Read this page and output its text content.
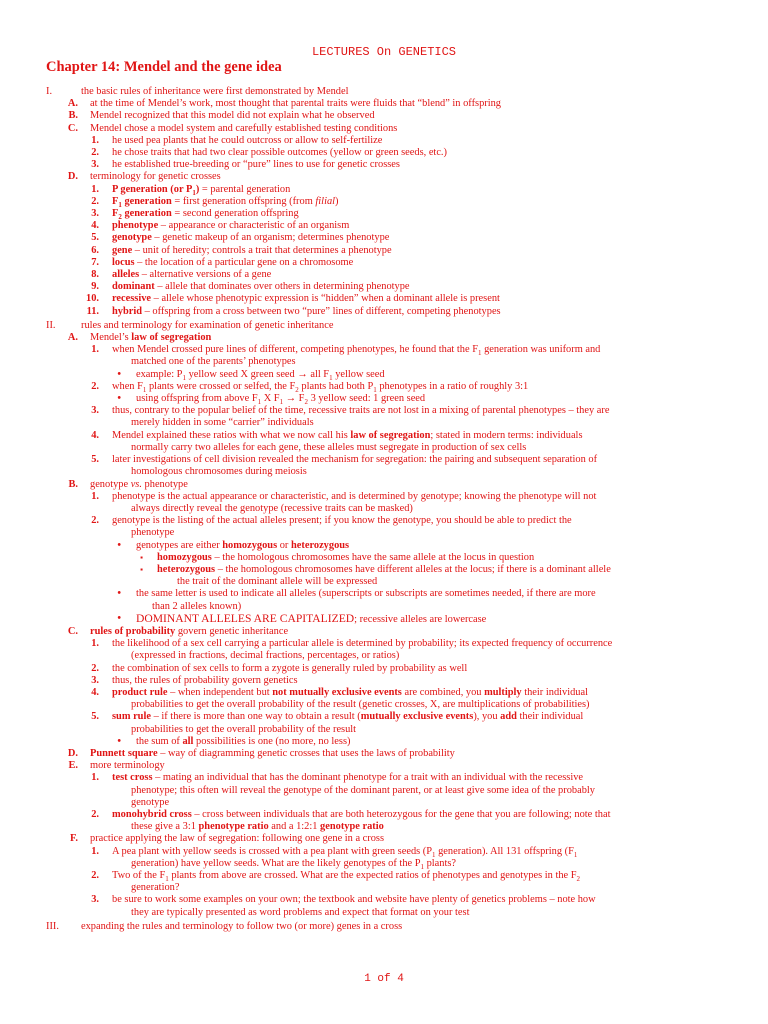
LECTURES On GENETICS
Chapter 14: Mendel and the gene idea
I.	the basic rules of inheritance were first demonstrated by Mendel
A. at the time of Mendel’s work, most thought that parental traits were fluids that “blend” in offspring
B. Mendel recognized that this model did not explain what he observed
C. Mendel chose a model system and carefully established testing conditions
1. he used pea plants that he could outcross or allow to self-fertilize
2. he chose traits that had two clear possible outcomes (yellow or green seeds, etc.)
3. he established true-breeding or “pure” lines to use for genetic crosses
D. terminology for genetic crosses
1. P generation (or $P_1$) = parental generation
2. $F_1$ generation = first generation offspring (from filial)
3. $F_2$ generation = second generation offspring
4. phenotype – appearance or characteristic of an organism
5. genotype – genetic makeup of an organism; determines phenotype
6. gene – unit of heredity; controls a trait that determines a phenotype
7. locus – the location of a particular gene on a chromosome
8. alleles – alternative versions of a gene
9. dominant – allele that dominates over others in determining phenotype
10. recessive – allele whose phenotypic expression is “hidden” when a dominant allele is present
11. hybrid – offspring from a cross between two “pure” lines of different, competing phenotypes
II. rules and terminology for examination of genetic inheritance
A. Mendel’s law of segregation
1. when Mendel crossed pure lines of different, competing phenotypes, he found that the $F_1$ generation was uniform and
matched one of the parents’ phenotypes
• example: $P_1$ yellow seed X green seed → all $F_1$ yellow seed
2. when $F_1$ plants were crossed or selfed, the $F_2$ plants had both $P_1$ phenotypes in a ratio of roughly 3:1
• using offspring from above $F_1$ X $F_1 \to F_2$ 3 yellow seed: 1 green seed
3. thus, contrary to the popular belief of the time, recessive traits are not lost in a mixing of parental phenotypes – they are
merely hidden in some “carrier” individuals
4. Mendel explained these ratios with what we now call his law of segregation; stated in modern terms: individuals
normally carry two alleles for each gene, these alleles must segregate in production of sex cells
5. later investigations of cell division revealed the mechanism for segregation: the pairing and subsequent separation of
homologous chromosomes during meiosis
B. genotype vs. phenotype
1. phenotype is the actual appearance or characteristic, and is determined by genotype; knowing the phenotype will not
always directly reveal the genotype (recessive traits can be masked)
2. genotype is the listing of the actual alleles present; if you know the genotype, you should be able to predict the
phenotype
• genotypes are either homozygous or heterozygous
▪ homozygous – the homologous chromosomes have the same allele at the locus in question
▪ heterozygous – the homologous chromosomes have different alleles at the locus; if there is a dominant allele
the trait of the dominant allele will be expressed
• the same letter is used to indicate all alleles (superscripts or subscripts are sometimes needed, if there are more
than 2 alleles known)
• DOMINANT ALLELES ARE CAPITALIZED; recessive alleles are lowercase
C. rules of probability govern genetic inheritance
1. the likelihood of a sex cell carrying a particular allele is determined by probability; its expected frequency of occurrence
(expressed in fractions, decimal fractions, percentages, or ratios)
2. the combination of sex cells to form a zygote is generally ruled by probability as well
3. thus, the rules of probability govern genetics
4. product rule – when independent but not mutually exclusive events are combined, you multiply their individual
probabilities to get the overall probability of the result (genetic crosses, X, are multiplications of probabilities)
5. sum rule – if there is more than one way to obtain a result (mutually exclusive events), you add their individual
probabilities to get the overall probability of the result
• the sum of all possibilities is one (no more, no less)
D. Punnett square – way of diagramming genetic crosses that uses the laws of probability
E. more terminology
1. test cross – mating an individual that has the dominant phenotype for a trait with an individual with the recessive
phenotype; this often will reveal the genotype of the dominant parent, or at least give some idea of the probably
genotype
2. monohybrid cross – cross between individuals that are both heterozygous for the gene that you are following; note that
these give a 3:1 phenotype ratio and a 1:2:1 genotype ratio
F. practice applying the law of segregation: following one gene in a cross
1. A pea plant with yellow seeds is crossed with a pea plant with green seeds ($P_1$ generation). All 131 offspring ($F_1$
generation) have yellow seeds. What are the likely genotypes of the $P_1$ plants?
2. Two of the $F_1$ plants from above are crossed. What are the expected ratios of phenotypes and genotypes in the $F_2$
generation?
3. be sure to work some examples on your own; the textbook and website have plenty of genetics problems – note how
they are typically presented as word problems and expect that format on your test
III. expanding the rules and terminology to follow two (or more) genes in a cross
1 of 4
